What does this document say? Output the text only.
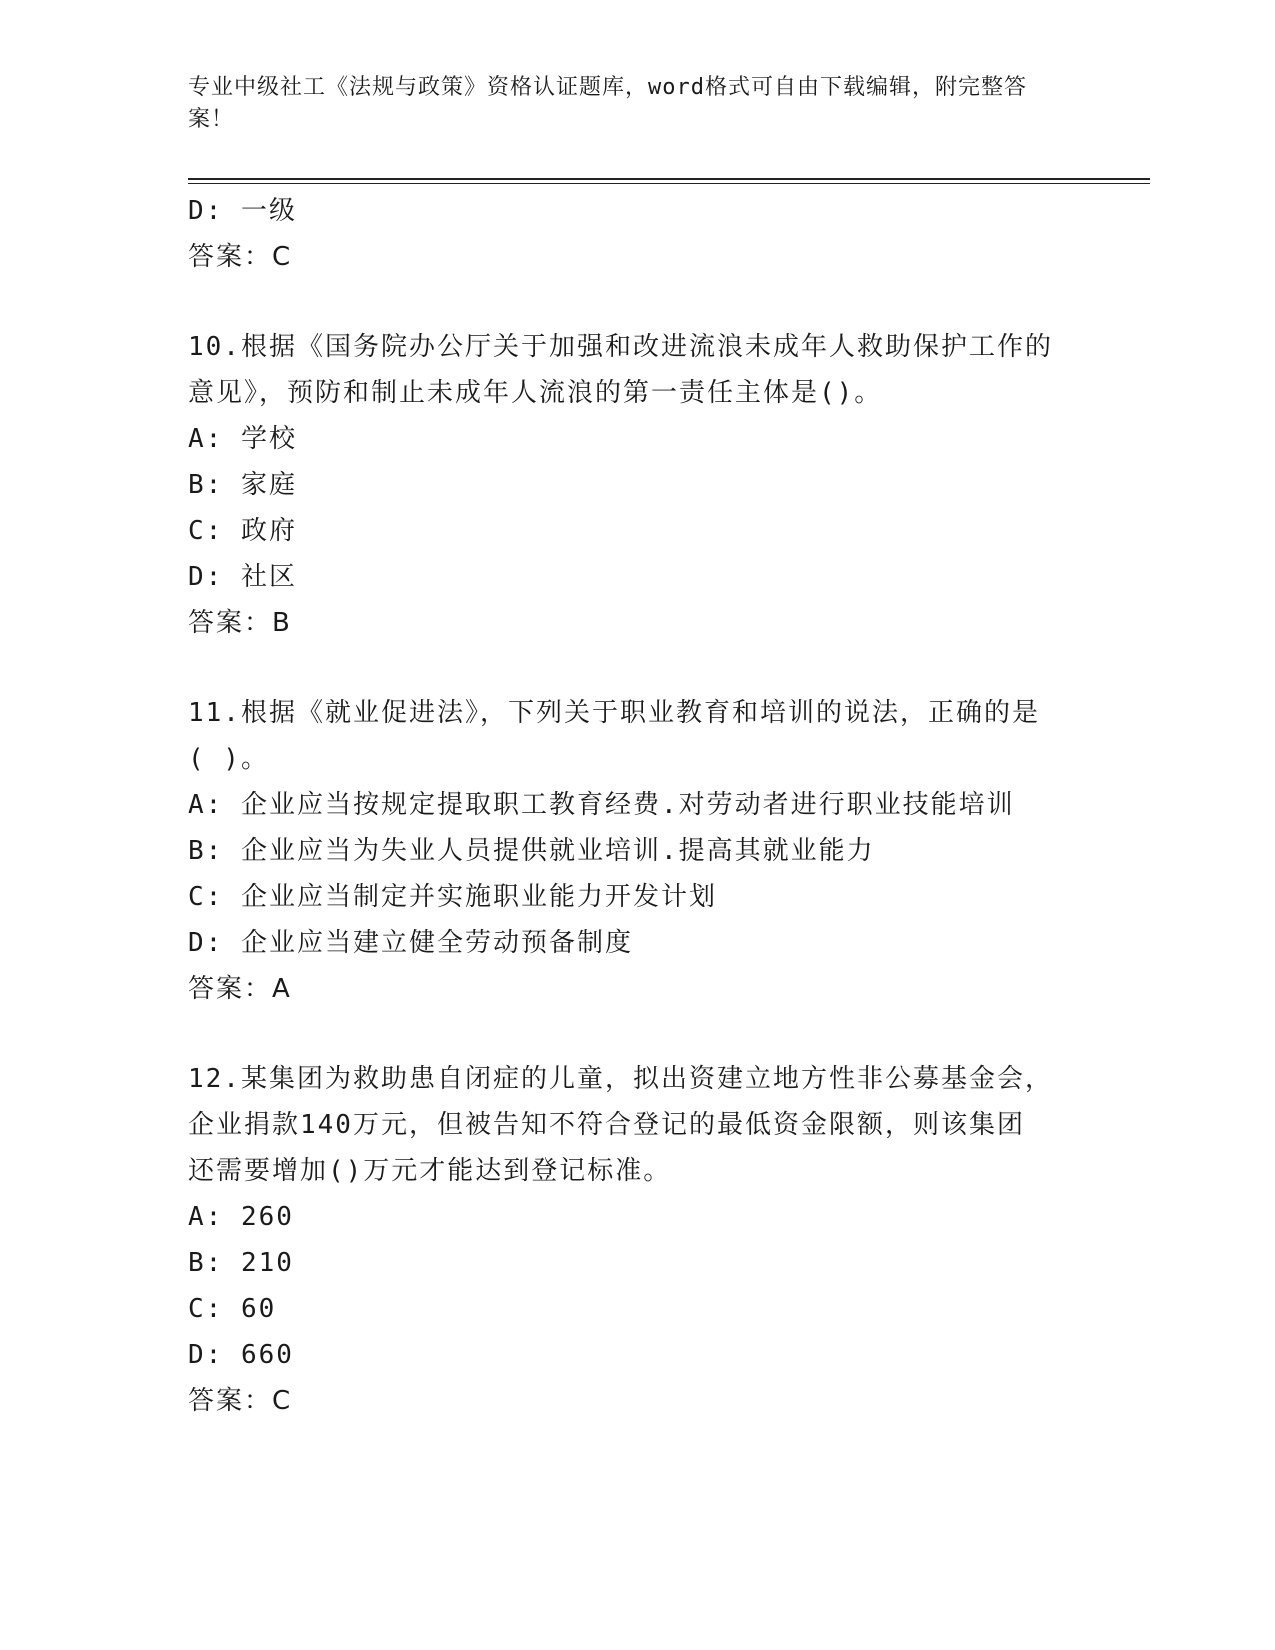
专业中级社工《法规与政策》资格认证题库，word格式可自由下载编辑，附完整答案！
D: 一级
答案：C
10.根据《国务院办公厅关于加强和改进流浪未成年人救助保护工作的
意见》，预防和制止未成年人流浪的第一责任主体是()。
A: 学校
B: 家庭
C: 政府
D: 社区
答案：B
11.根据《就业促进法》，下列关于职业教育和培训的说法，正确的是
( )。
A: 企业应当按规定提取职工教育经费.对劳动者进行职业技能培训
B: 企业应当为失业人员提供就业培训.提高其就业能力
C: 企业应当制定并实施职业能力开发计划
D: 企业应当建立健全劳动预备制度
答案：A
12.某集团为救助患自闭症的儿童，拟出资建立地方性非公募基金会，
企业捐款140万元，但被告知不符合登记的最低资金限额，则该集团
还需要增加()万元才能达到登记标准。
A: 260
B: 210
C: 60
D: 660
答案：C
